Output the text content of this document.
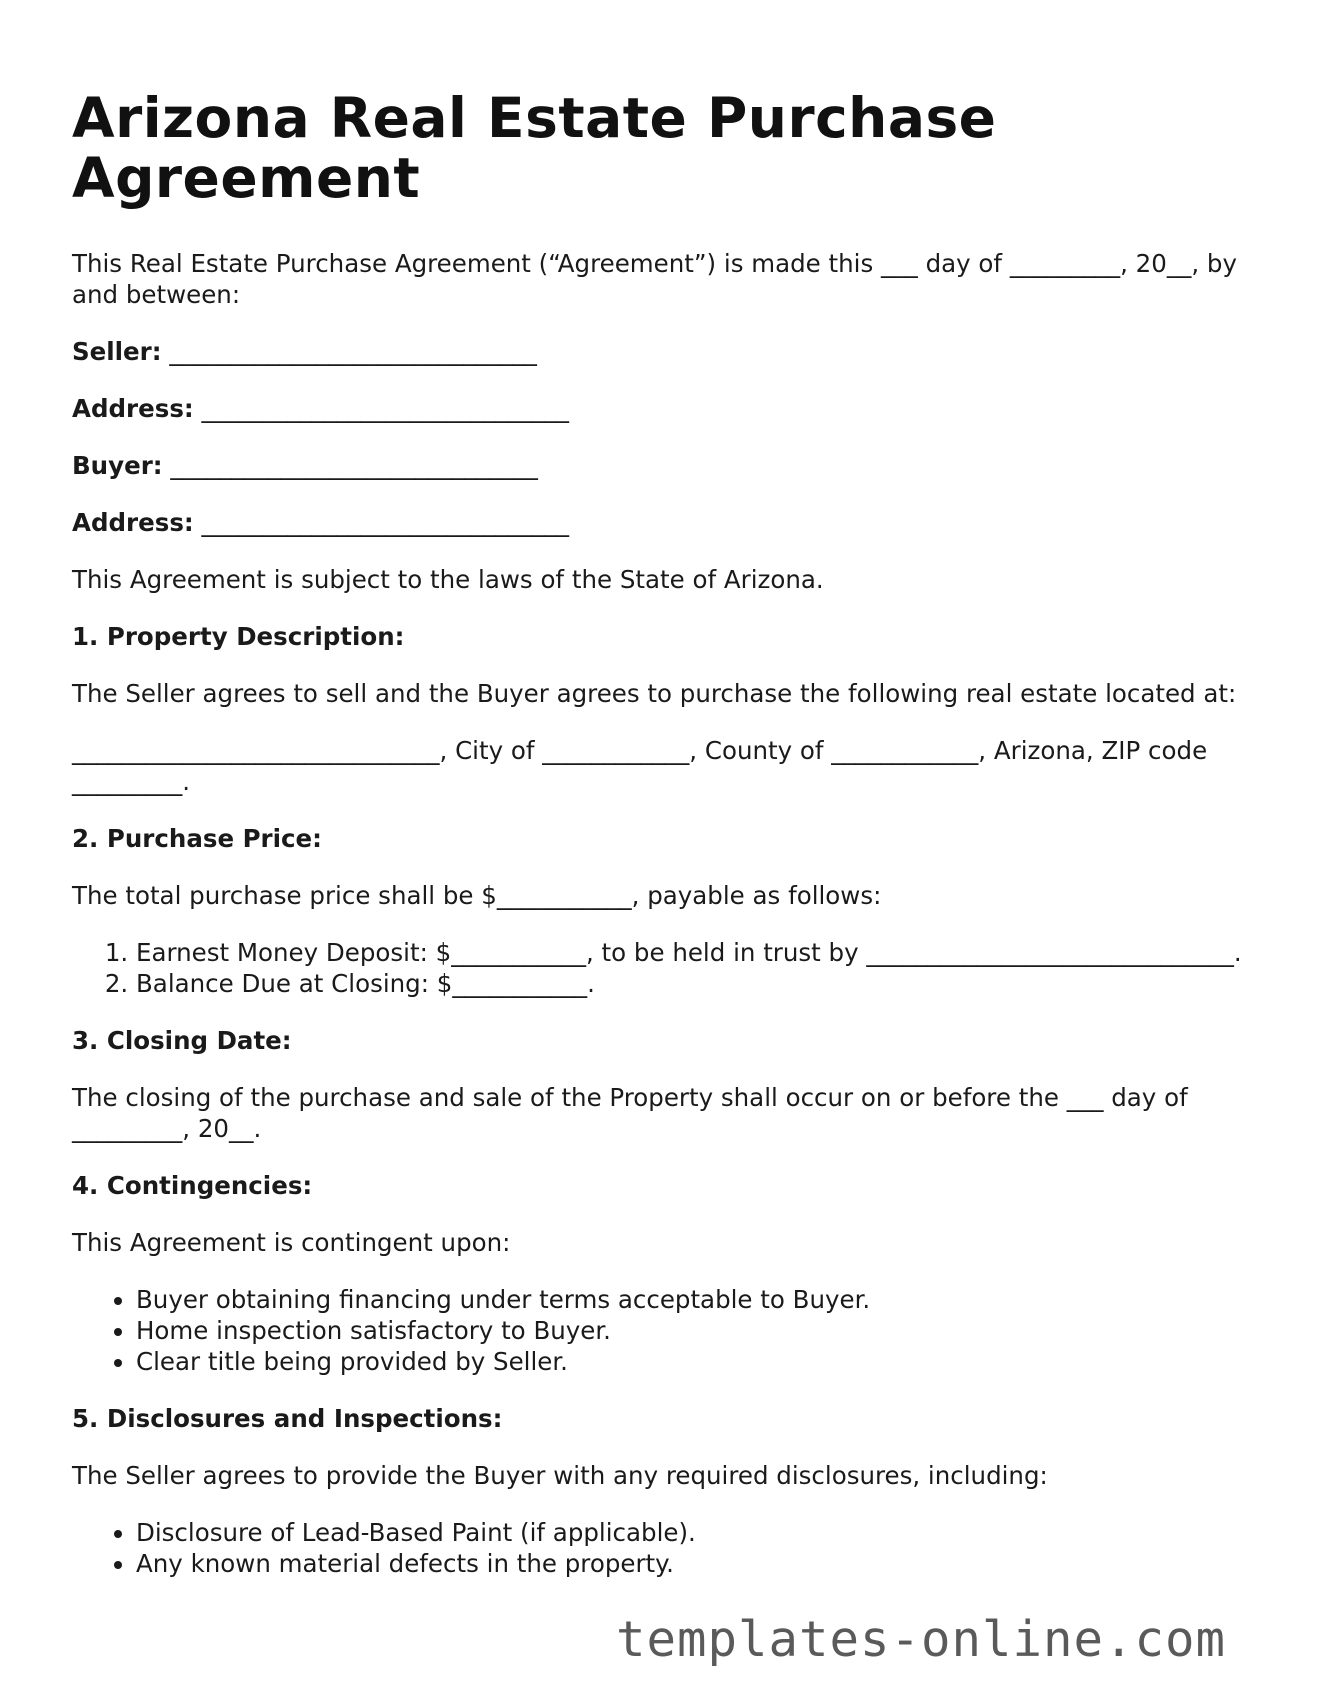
Arizona Real Estate Purchase Agreement

This Real Estate Purchase Agreement (“Agreement”) is made this ___ day of _________, 20__, by and between:

Seller: ______________________________

Address: ______________________________

Buyer: ______________________________

Address: ______________________________

This Agreement is subject to the laws of the State of Arizona.

1. Property Description:

The Seller agrees to sell and the Buyer agrees to purchase the following real estate located at:

______________________________, City of ____________, County of ____________, Arizona, ZIP code _________.

2. Purchase Price:

The total purchase price shall be $___________, payable as follows:

1. Earnest Money Deposit: $___________, to be held in trust by ______________________________.
2. Balance Due at Closing: $___________.
3. Closing Date:

The closing of the purchase and sale of the Property shall occur on or before the ___ day of _________, 20__.

4. Contingencies:

This Agreement is contingent upon:

• Buyer obtaining financing under terms acceptable to Buyer.
• Home inspection satisfactory to Buyer.
• Clear title being provided by Seller.
5. Disclosures and Inspections:

The Seller agrees to provide the Buyer with any required disclosures, including:

• Disclosure of Lead-Based Paint (if applicable).
• Any known material defects in the property.
templates-online.com
